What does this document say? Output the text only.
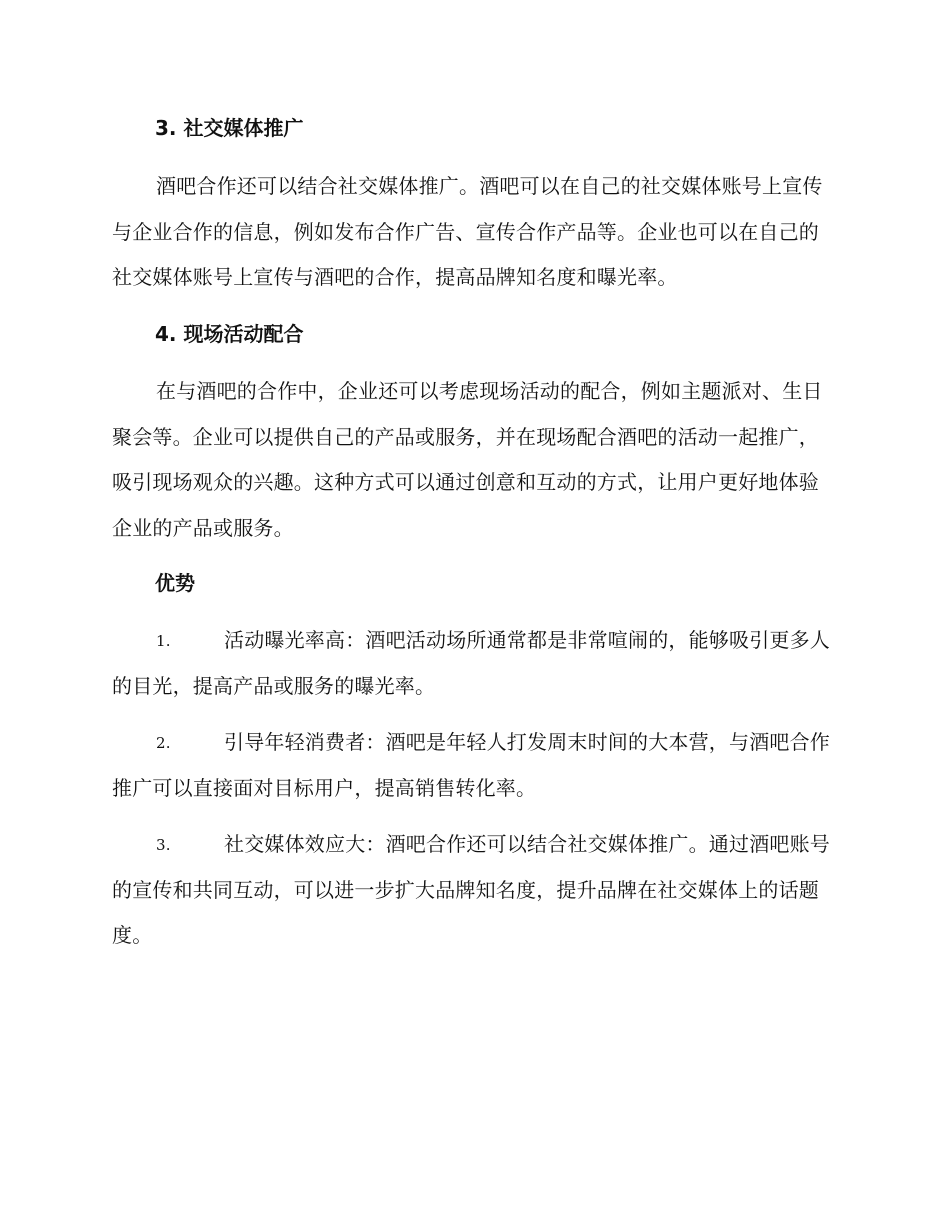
3. 社交媒体推广

酒吧合作还可以结合社交媒体推广。酒吧可以在自己的社交媒体账号上宣传与企业合作的信息，例如发布合作广告、宣传合作产品等。企业也可以在自己的社交媒体账号上宣传与酒吧的合作，提高品牌知名度和曝光率。

4. 现场活动配合

在与酒吧的合作中，企业还可以考虑现场活动的配合，例如主题派对、生日聚会等。企业可以提供自己的产品或服务，并在现场配合酒吧的活动一起推广，吸引现场观众的兴趣。这种方式可以通过创意和互动的方式，让用户更好地体验企业的产品或服务。

优势

1.	活动曝光率高：酒吧活动场所通常都是非常喧闹的，能够吸引更多人的目光，提高产品或服务的曝光率。

2.	引导年轻消费者：酒吧是年轻人打发周末时间的大本营，与酒吧合作推广可以直接面对目标用户，提高销售转化率。

3.	社交媒体效应大：酒吧合作还可以结合社交媒体推广。通过酒吧账号的宣传和共同互动，可以进一步扩大品牌知名度，提升品牌在社交媒体上的话题度。
